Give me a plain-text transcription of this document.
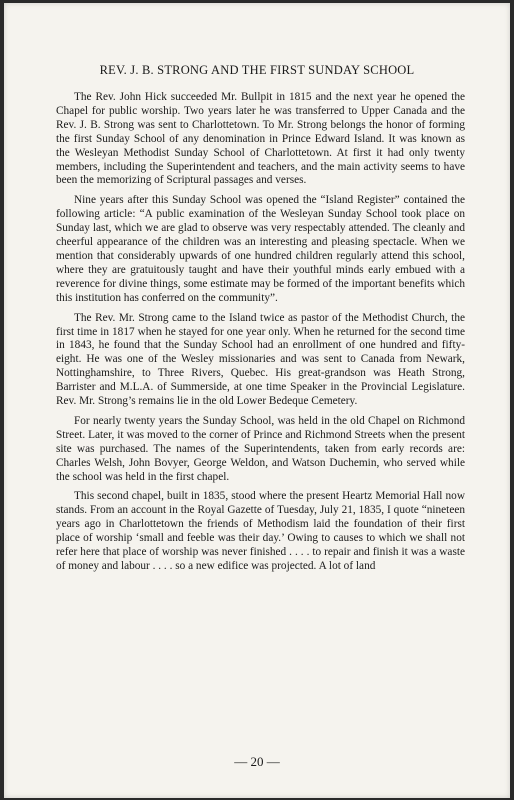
REV. J. B. STRONG AND THE FIRST SUNDAY SCHOOL

The Rev. John Hick succeeded Mr. Bullpit in 1815 and the next year he opened the Chapel for public worship. Two years later he was transferred to Upper Canada and the Rev. J. B. Strong was sent to Charlottetown. To Mr. Strong belongs the honor of forming the first Sunday School of any denomination in Prince Edward Island. It was known as the Wesleyan Methodist Sunday School of Charlottetown. At first it had only twenty members, including the Superintendent and teachers, and the main activity seems to have been the memorizing of Scriptural passages and verses.

Nine years after this Sunday School was opened the “Island Register” contained the following article: “A public examination of the Wesleyan Sunday School took place on Sunday last, which we are glad to observe was very respectably attended. The cleanly and cheerful appearance of the children was an interesting and pleasing spectacle. When we mention that considerably upwards of one hundred children regularly attend this school, where they are gratuitously taught and have their youthful minds early embued with a reverence for divine things, some estimate may be formed of the important benefits which this institution has conferred on the community”.

The Rev. Mr. Strong came to the Island twice as pastor of the Methodist Church, the first time in 1817 when he stayed for one year only. When he returned for the second time in 1843, he found that the Sunday School had an enrollment of one hundred and fifty-eight. He was one of the Wesley missionaries and was sent to Canada from Newark, Nottinghamshire, to Three Rivers, Quebec. His great-grandson was Heath Strong, Barrister and M.L.A. of Summerside, at one time Speaker in the Provincial Legislature. Rev. Mr. Strong’s remains lie in the old Lower Bedeque Cemetery.

For nearly twenty years the Sunday School, was held in the old Chapel on Richmond Street. Later, it was moved to the corner of Prince and Richmond Streets when the present site was purchased. The names of the Superintendents, taken from early records are: Charles Welsh, John Bovyer, George Weldon, and Watson Duchemin, who served while the school was held in the first chapel.

This second chapel, built in 1835, stood where the present Heartz Memorial Hall now stands. From an account in the Royal Gazette of Tuesday, July 21, 1835, I quote “nineteen years ago in Charlottetown the friends of Methodism laid the foundation of their first place of worship ‘small and feeble was their day.’ Owing to causes to which we shall not refer here that place of worship was never finished . . . . to repair and finish it was a waste of money and labour . . . . so a new edifice was projected. A lot of land

— 20 —
